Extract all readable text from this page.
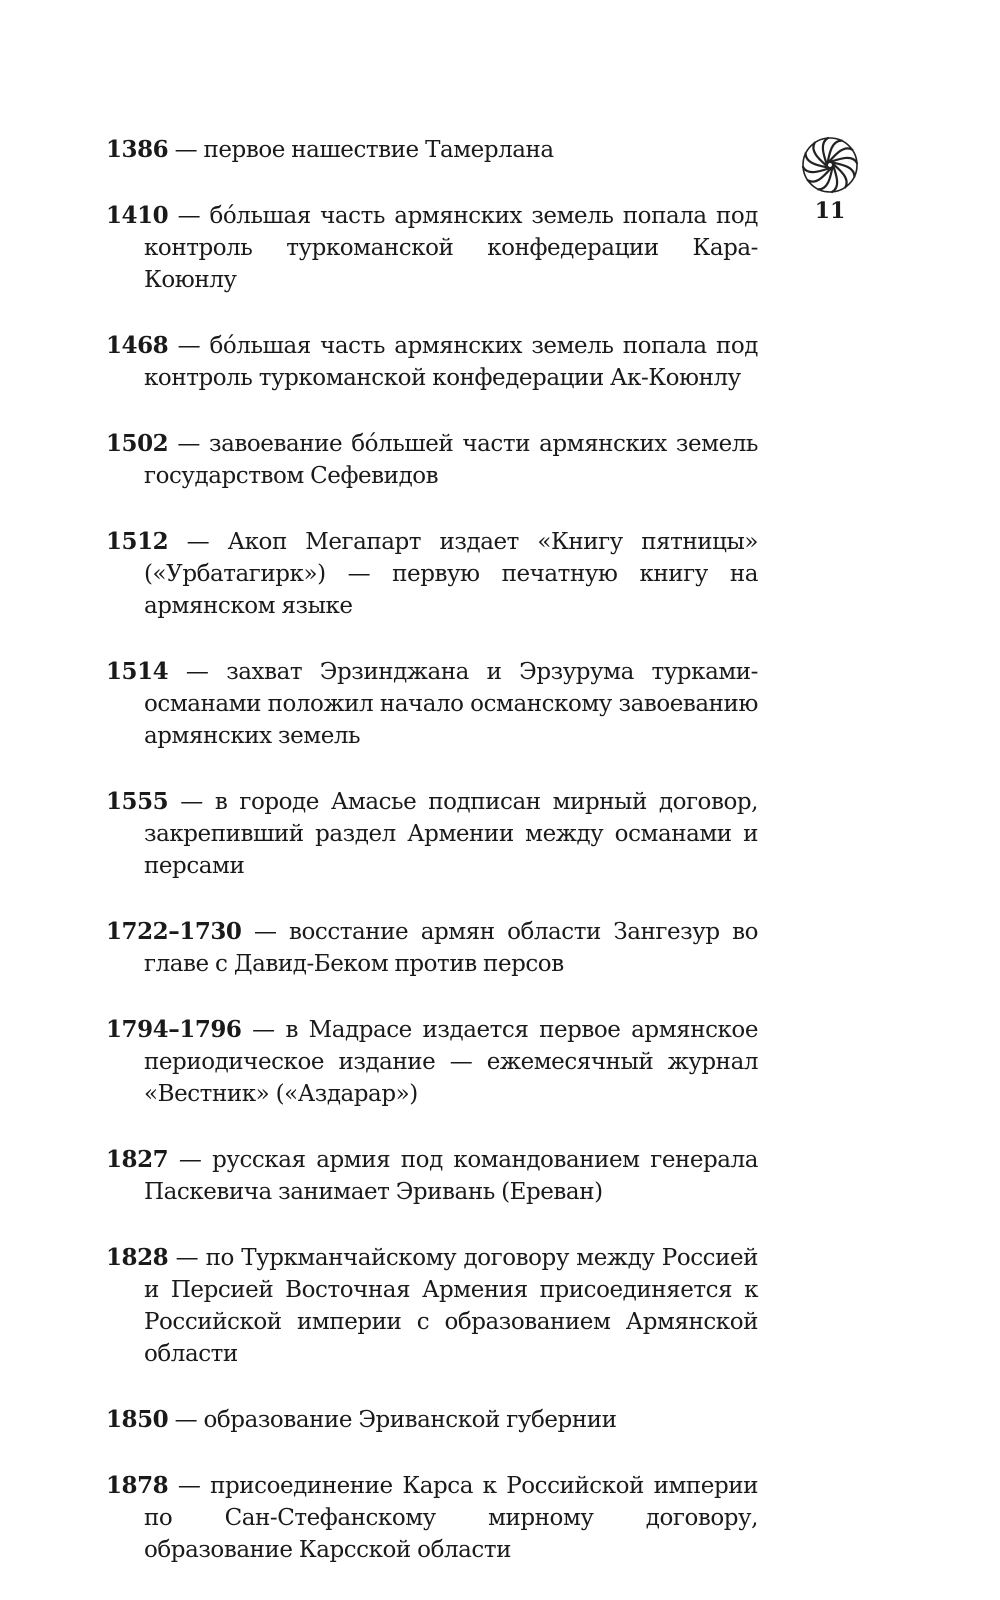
11
1386 — первое нашествие Тамерлана
1410 — бóльшая часть армянских земель попала под контроль туркоманской конфедерации Кара-Коюнлу
1468 — бóльшая часть армянских земель попала под контроль туркоманской конфедерации Ак-Коюнлу
1502 — завоевание бóльшей части армянских земель государством Сефевидов
1512 — Акоп Мегапарт издает «Книгу пятницы» («Урбатагирк») — первую печатную книгу на армянском языке
1514 — захват Эрзинджана и Эрзурума турками-османами положил начало османскому завоеванию армянских земель
1555 — в городе Амасье подписан мирный договор, закрепивший раздел Армении между османами и персами
1722–1730 — восстание армян области Зангезур во главе с Давид-Беком против персов
1794–1796 — в Мадрасе издается первое армянское периодическое издание — ежемесячный журнал «Вестник» («Аздарар»)
1827 — русская армия под командованием генерала Паскевича занимает Эривань (Ереван)
1828 — по Туркманчайскому договору между Россией и Персией Восточная Армения присоединяется к Российской империи с образованием Армянской области
1850 — образование Эриванской губернии
1878 — присоединение Карса к Российской империи по Сан-Стефанскому мирному договору, образование Карсской области
